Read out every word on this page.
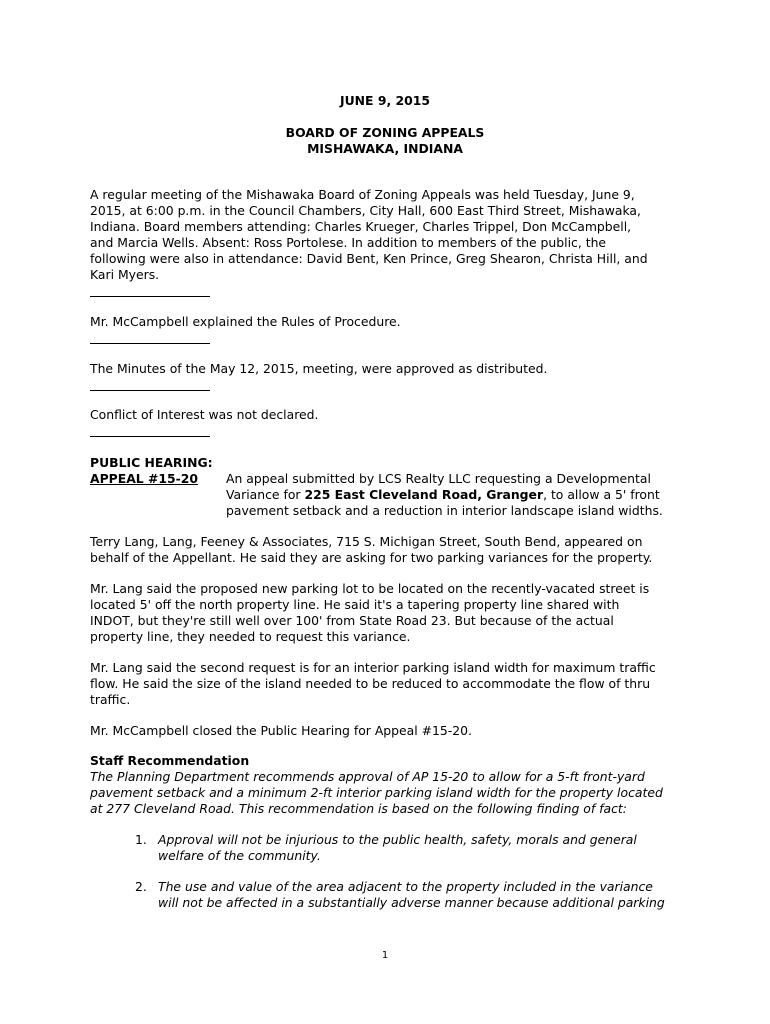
JUNE 9, 2015
BOARD OF ZONING APPEALS
MISHAWAKA, INDIANA
A regular meeting of the Mishawaka Board of Zoning Appeals was held Tuesday, June 9,
2015, at 6:00 p.m. in the Council Chambers, City Hall, 600 East Third Street, Mishawaka,
Indiana. Board members attending: Charles Krueger, Charles Trippel, Don McCampbell,
and Marcia Wells. Absent: Ross Portolese. In addition to members of the public, the
following were also in attendance: David Bent, Ken Prince, Greg Shearon, Christa Hill, and
Kari Myers.
Mr. McCampbell explained the Rules of Procedure.
The Minutes of the May 12, 2015, meeting, were approved as distributed.
Conflict of Interest was not declared.
PUBLIC HEARING:
APPEAL #15-20 An appeal submitted by LCS Realty LLC requesting a Developmental
Variance for 225 East Cleveland Road, Granger, to allow a 5' front
pavement setback and a reduction in interior landscape island widths.
Terry Lang, Lang, Feeney & Associates, 715 S. Michigan Street, South Bend, appeared on
behalf of the Appellant. He said they are asking for two parking variances for the property.
Mr. Lang said the proposed new parking lot to be located on the recently-vacated street is
located 5' off the north property line. He said it's a tapering property line shared with
INDOT, but they're still well over 100' from State Road 23. But because of the actual
property line, they needed to request this variance.
Mr. Lang said the second request is for an interior parking island width for maximum traffic
flow. He said the size of the island needed to be reduced to accommodate the flow of thru
traffic.
Mr. McCampbell closed the Public Hearing for Appeal #15-20.
Staff Recommendation
The Planning Department recommends approval of AP 15-20 to allow for a 5-ft front-yard
pavement setback and a minimum 2-ft interior parking island width for the property located
at 277 Cleveland Road. This recommendation is based on the following finding of fact:
1. Approval will not be injurious to the public health, safety, morals and general
welfare of the community.
2. The use and value of the area adjacent to the property included in the variance
will not be affected in a substantially adverse manner because additional parking
1
